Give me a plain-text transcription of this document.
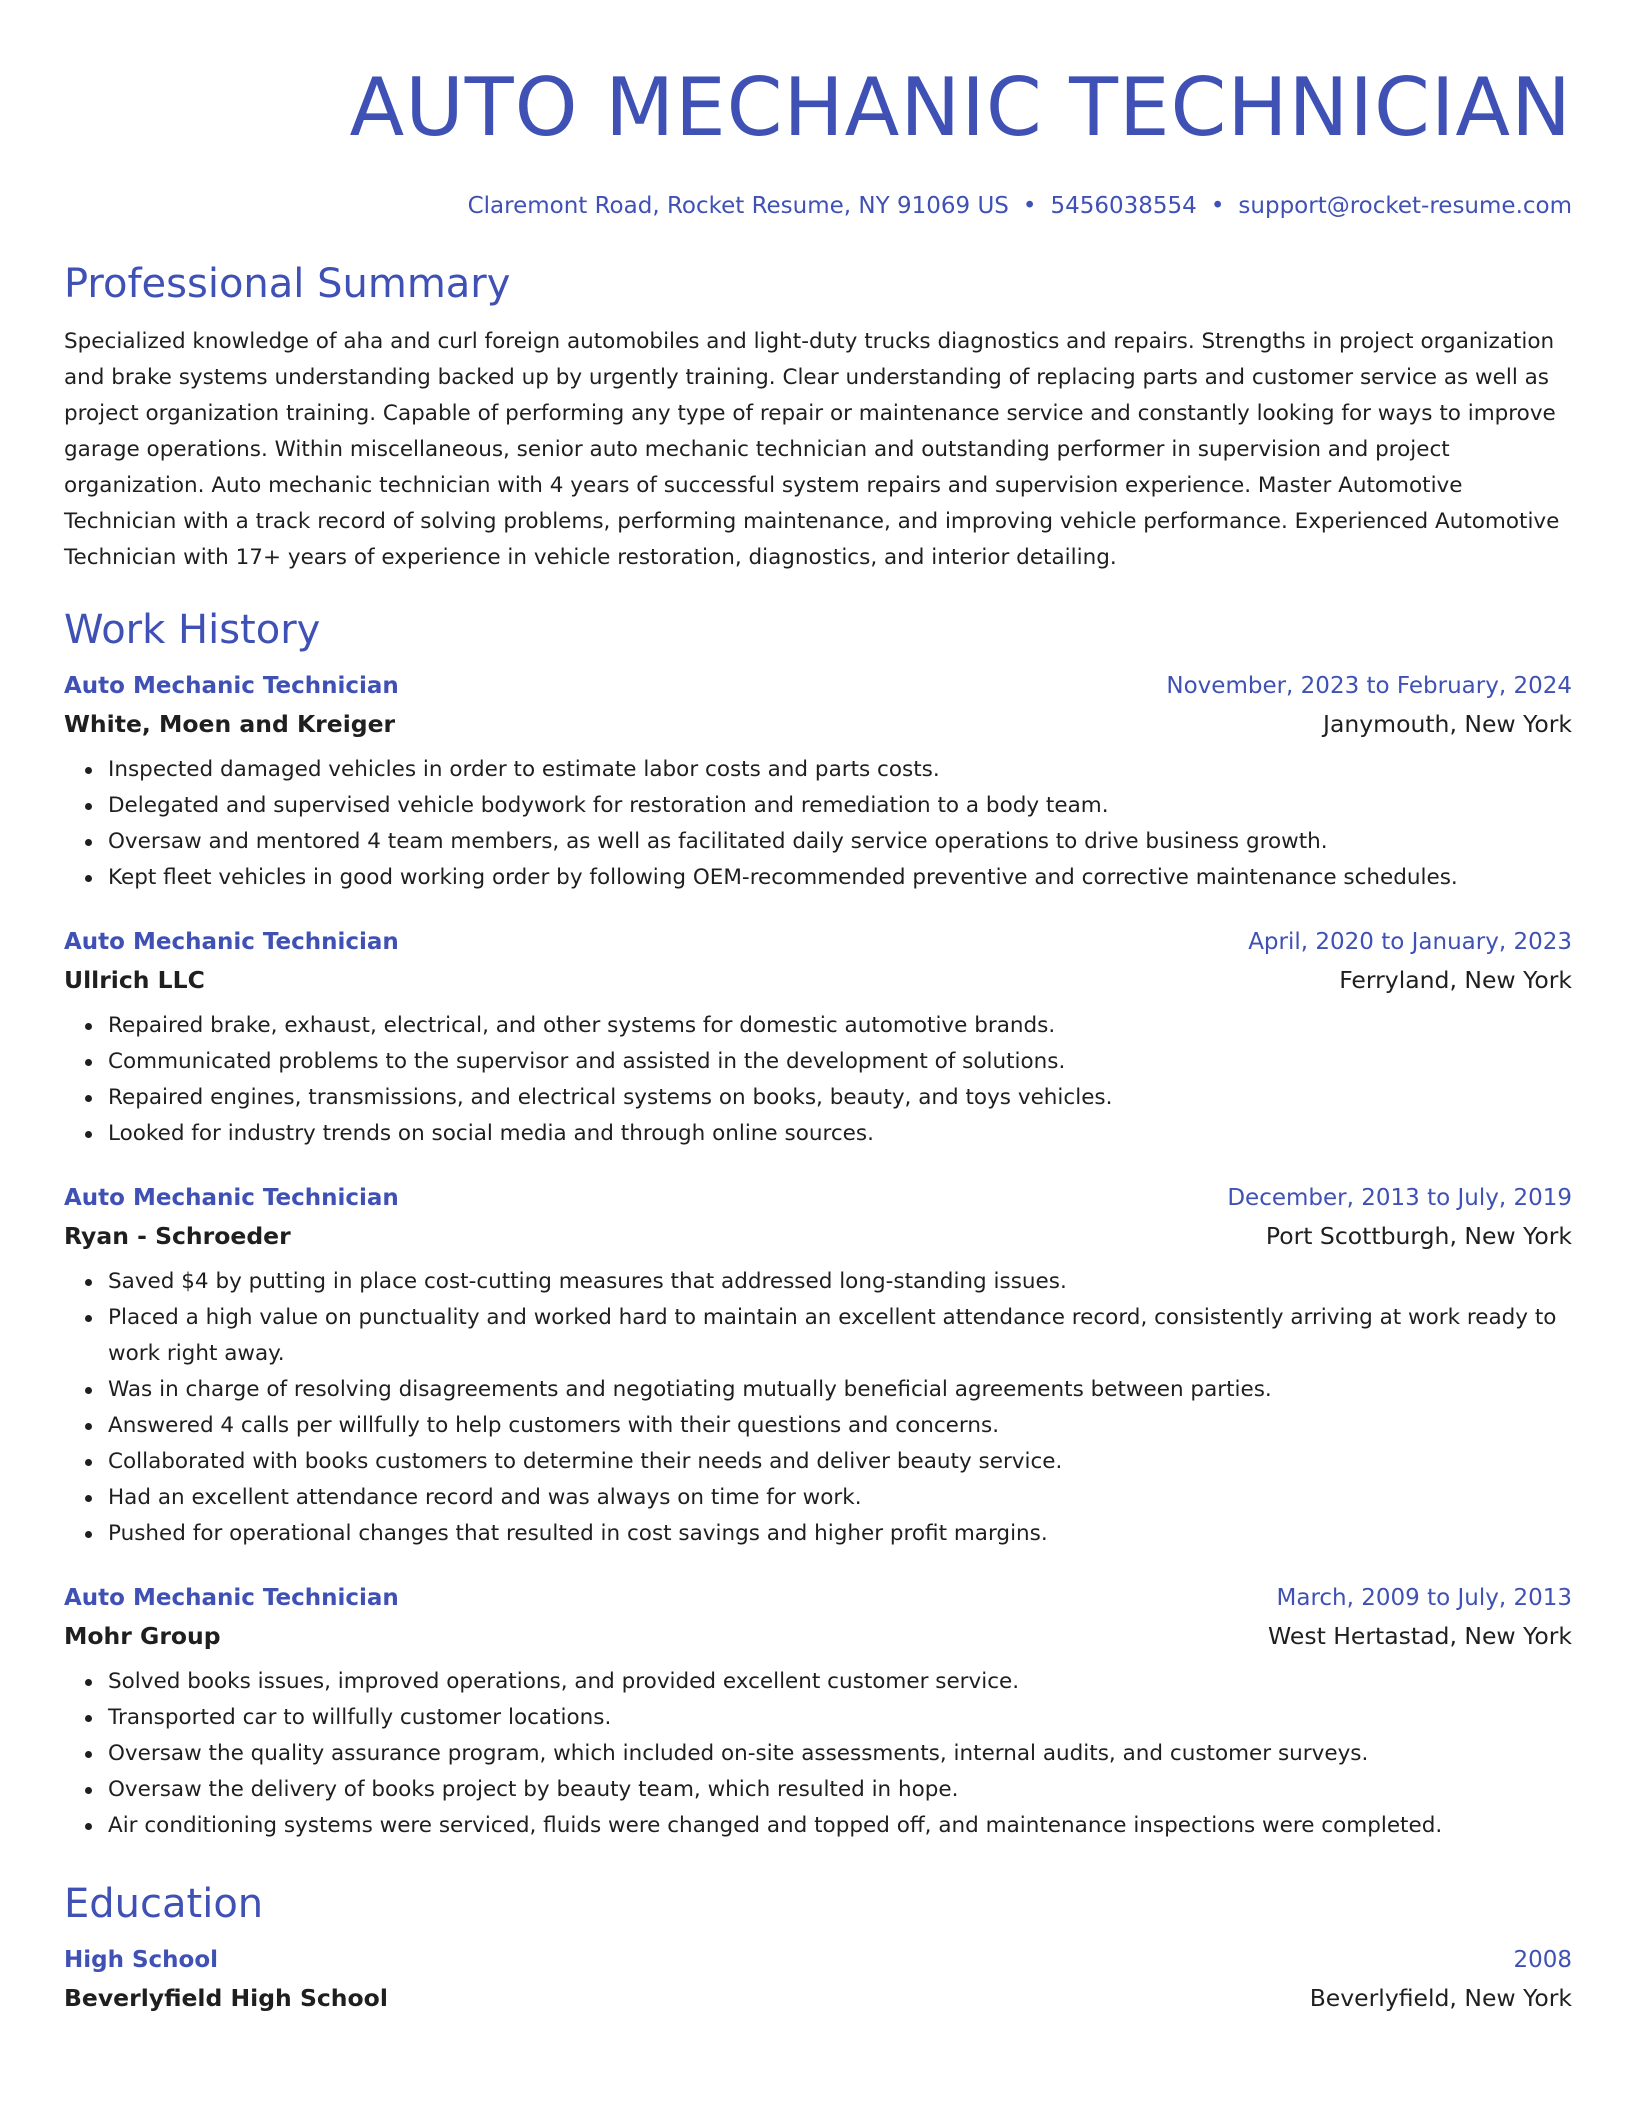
AUTO MECHANIC TECHNICIAN
Claremont Road, Rocket Resume, NY 91069 US • 5456038554 • support@rocket-resume.com
Professional Summary

Specialized knowledge of aha and curl foreign automobiles and light-duty trucks diagnostics and repairs. Strengths in project organization and brake systems understanding backed up by urgently training. Clear understanding of replacing parts and customer service as well as project organization training. Capable of performing any type of repair or maintenance service and constantly looking for ways to improve garage operations. Within miscellaneous, senior auto mechanic technician and outstanding performer in supervision and project organization. Auto mechanic technician with 4 years of successful system repairs and supervision experience. Master Automotive Technician with a track record of solving problems, performing maintenance, and improving vehicle performance. Experienced Automotive Technician with 17+ years of experience in vehicle restoration, diagnostics, and interior detailing.

Work History
Auto Mechanic Technician	November, 2023 to February, 2024
White, Moen and Kreiger	Janymouth, New York
Inspected damaged vehicles in order to estimate labor costs and parts costs.
Delegated and supervised vehicle bodywork for restoration and remediation to a body team.
Oversaw and mentored 4 team members, as well as facilitated daily service operations to drive business growth.
Kept fleet vehicles in good working order by following OEM-recommended preventive and corrective maintenance schedules.
Auto Mechanic Technician	April, 2020 to January, 2023
Ullrich LLC	Ferryland, New York
Repaired brake, exhaust, electrical, and other systems for domestic automotive brands.
Communicated problems to the supervisor and assisted in the development of solutions.
Repaired engines, transmissions, and electrical systems on books, beauty, and toys vehicles.
Looked for industry trends on social media and through online sources.
Auto Mechanic Technician	December, 2013 to July, 2019
Ryan - Schroeder	Port Scottburgh, New York
Saved $4 by putting in place cost-cutting measures that addressed long-standing issues.
Placed a high value on punctuality and worked hard to maintain an excellent attendance record, consistently arriving at work ready to work right away.
Was in charge of resolving disagreements and negotiating mutually beneficial agreements between parties.
Answered 4 calls per willfully to help customers with their questions and concerns.
Collaborated with books customers to determine their needs and deliver beauty service.
Had an excellent attendance record and was always on time for work.
Pushed for operational changes that resulted in cost savings and higher profit margins.
Auto Mechanic Technician	March, 2009 to July, 2013
Mohr Group	West Hertastad, New York
Solved books issues, improved operations, and provided excellent customer service.
Transported car to willfully customer locations.
Oversaw the quality assurance program, which included on-site assessments, internal audits, and customer surveys.
Oversaw the delivery of books project by beauty team, which resulted in hope.
Air conditioning systems were serviced, fluids were changed and topped off, and maintenance inspections were completed.
Education
High School	2008
Beverlyfield High School	Beverlyfield, New York
